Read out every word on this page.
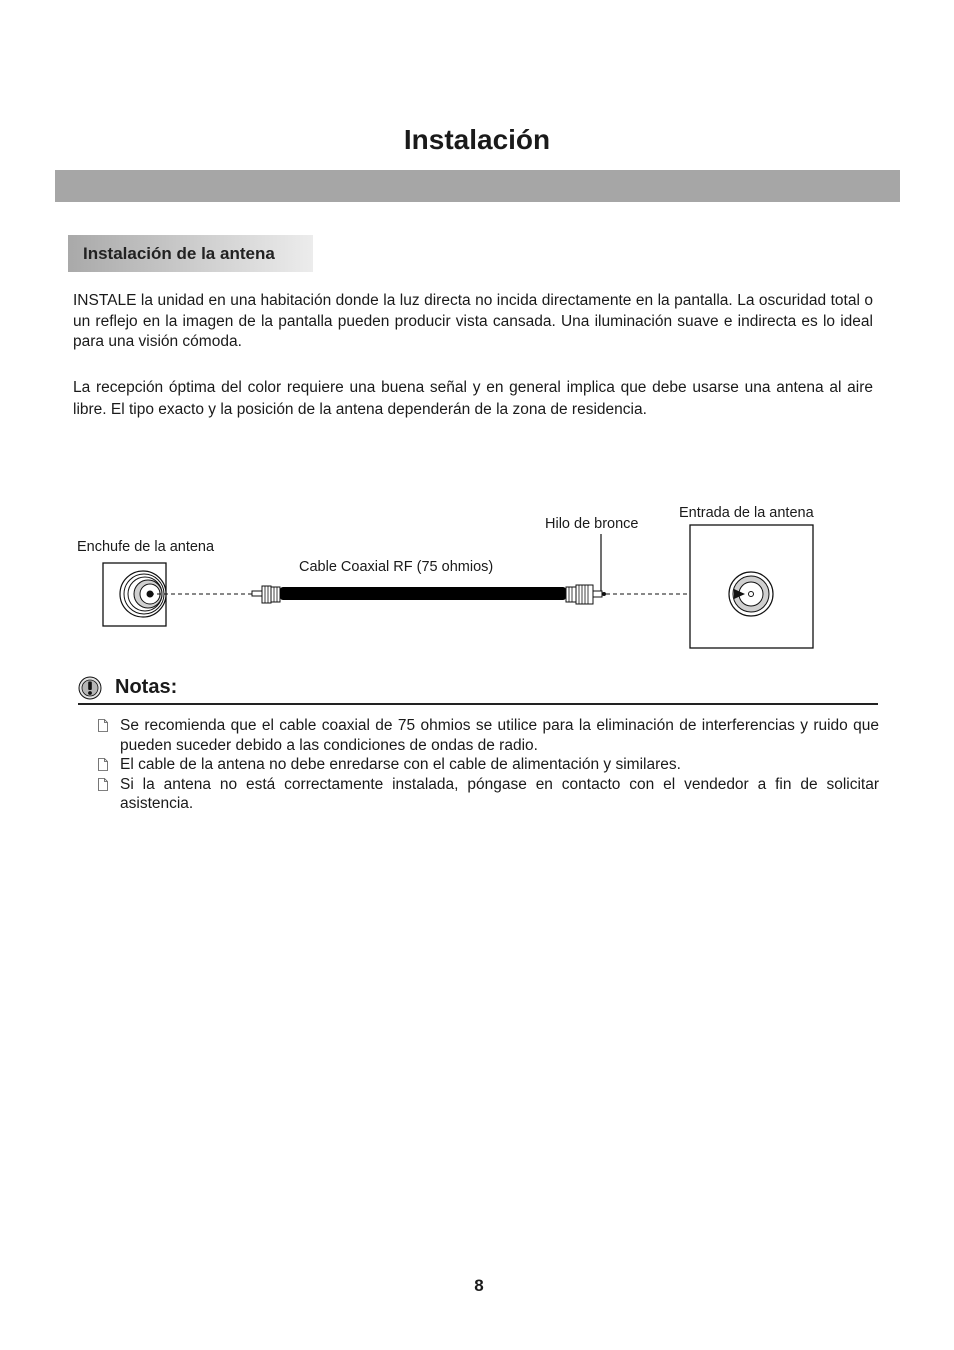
Instalación
Instalación de la antena

INSTALE la unidad en una habitación donde la luz directa no incida directamente en la pantalla. La oscuridad total o un reflejo en la imagen de la pantalla pueden producir vista cansada. Una iluminación suave e indirecta es lo ideal para una visión cómoda.

La recepción óptima del color requiere una buena señal y en general implica que debe usarse una antena al aire libre. El tipo exacto y la posición de la antena dependerán de la zona de residencia.

Enchufe de la antena
Cable Coaxial RF (75 ohmios)
Hilo de bronce
Entrada de la antena
Notas:
Se recomienda que el cable coaxial de 75 ohmios se utilice para la eliminación de interferencias y ruido que pueden suceder debido a las condiciones de ondas de radio.
El cable de la antena no debe enredarse con el cable de alimentación y similares.
Si la antena no está correctamente instalada, póngase en contacto con el vendedor a fin de solicitar asistencia.
8
